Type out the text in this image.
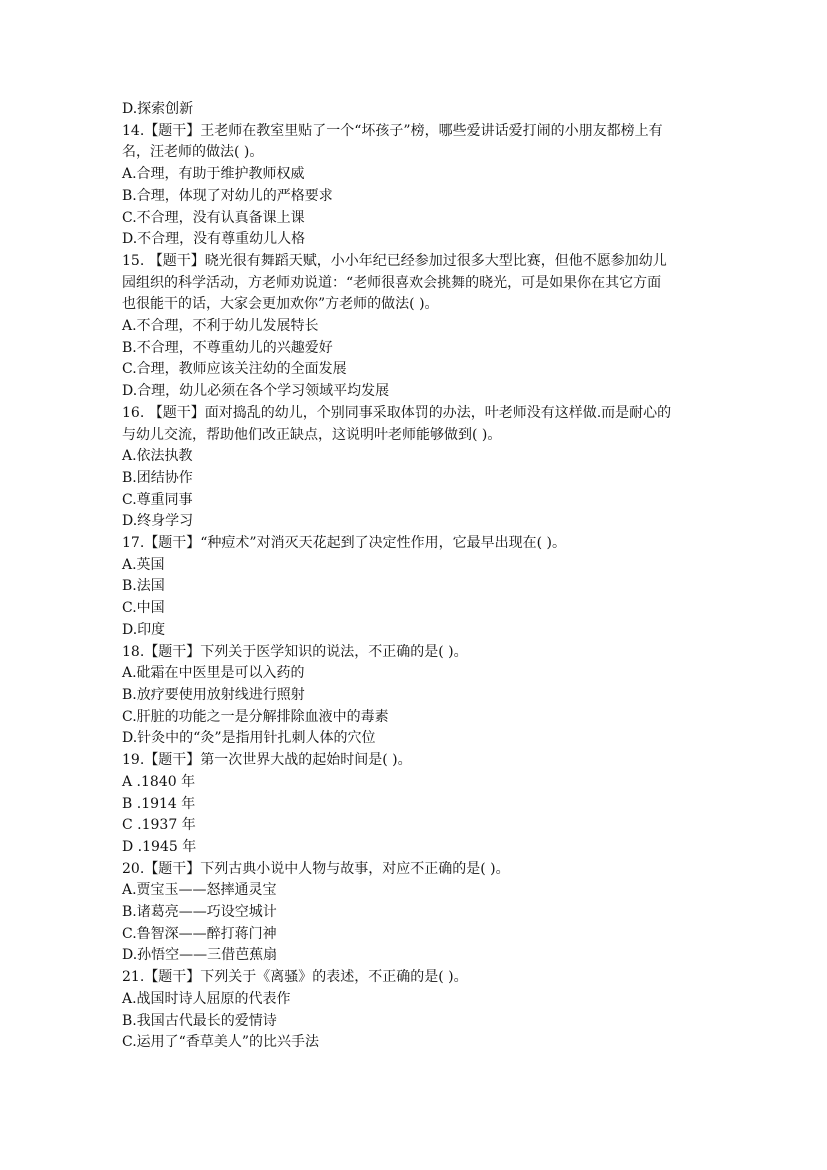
D.探索创新
14.【题干】王老师在教室里贴了一个“坏孩子”榜，哪些爱讲话爱打闹的小朋友都榜上有
名，汪老师的做法( )。
A.合理，有助于维护教师权威
B.合理，体现了对幼儿的严格要求
C.不合理，没有认真备课上课
D.不合理，没有尊重幼儿人格
15. 【题干】晓光很有舞蹈天赋，小小年纪已经参加过很多大型比赛，但他不愿参加幼儿
园组织的科学活动，方老师劝说道：“老师很喜欢会挑舞的晓光，可是如果你在其它方面
也很能干的话，大家会更加欢你”方老师的做法( )。
A.不合理，不利于幼儿发展特长
B.不合理，不尊重幼儿的兴趣爱好
C.合理，教师应该关注幼的全面发展
D.合理，幼儿必须在各个学习领域平均发展
16. 【题干】面对捣乱的幼儿，个别同事采取体罚的办法，叶老师没有这样做.而是耐心的
与幼儿交流，帮助他们改正缺点，这说明叶老师能够做到( )。
A.依法执教
B.团结协作
C.尊重同事
D.终身学习
17.【题干】“种痘术”对消灭天花起到了决定性作用，它最早出现在( )。
A.英国
B.法国
C.中国
D.印度
18.【题干】下列关于医学知识的说法，不正确的是( )。
A.砒霜在中医里是可以入药的
B.放疗要使用放射线进行照射
C.肝脏的功能之一是分解排除血液中的毒素
D.针灸中的“灸”是指用针扎刺人体的穴位
19.【题干】第一次世界大战的起始时间是( )。
A .1840 年
B .1914 年
C .1937 年
D .1945 年
20.【题干】下列古典小说中人物与故事，对应不正确的是( )。
A.贾宝玉——怒摔通灵宝
B.诸葛亮——巧设空城计
C.鲁智深——醉打蒋门神
D.孙悟空——三借芭蕉扇
21.【题干】下列关于《离骚》的表述，不正确的是( )。
A.战国时诗人屈原的代表作
B.我国古代最长的爱情诗
C.运用了“香草美人”的比兴手法
